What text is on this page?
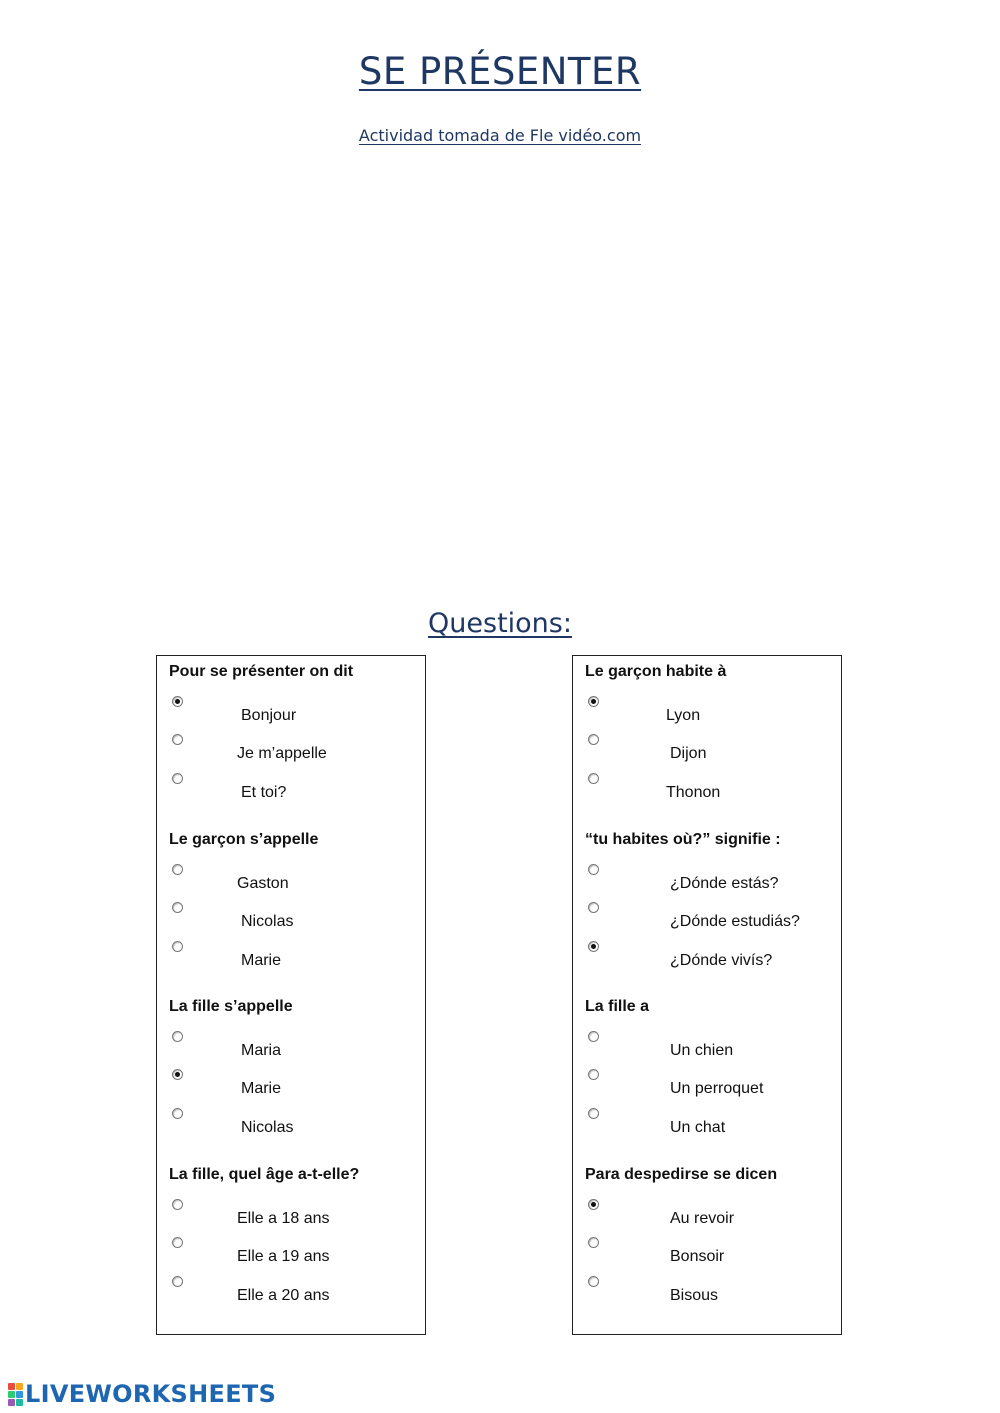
SE PRÉSENTER
Actividad tomada de Fle vidéo.com
Questions:
Pour se présenter on dit
Bonjour
Je m’appelle
Et toi?
Le garçon s’appelle
Gaston
Nicolas
Marie
La fille s’appelle
Maria
Marie
Nicolas
La fille, quel âge a-t-elle?
Elle a 18 ans
Elle a 19 ans
Elle a 20 ans
Le garçon habite à
Lyon
Dijon
Thonon
“tu habites où?” signifie :
¿Dónde estás?
¿Dónde estudiás?
¿Dónde vivís?
La fille a
Un chien
Un perroquet
Un chat
Para despedirse se dicen
Au revoir
Bonsoir
Bisous
LIVEWORKSHEETS
